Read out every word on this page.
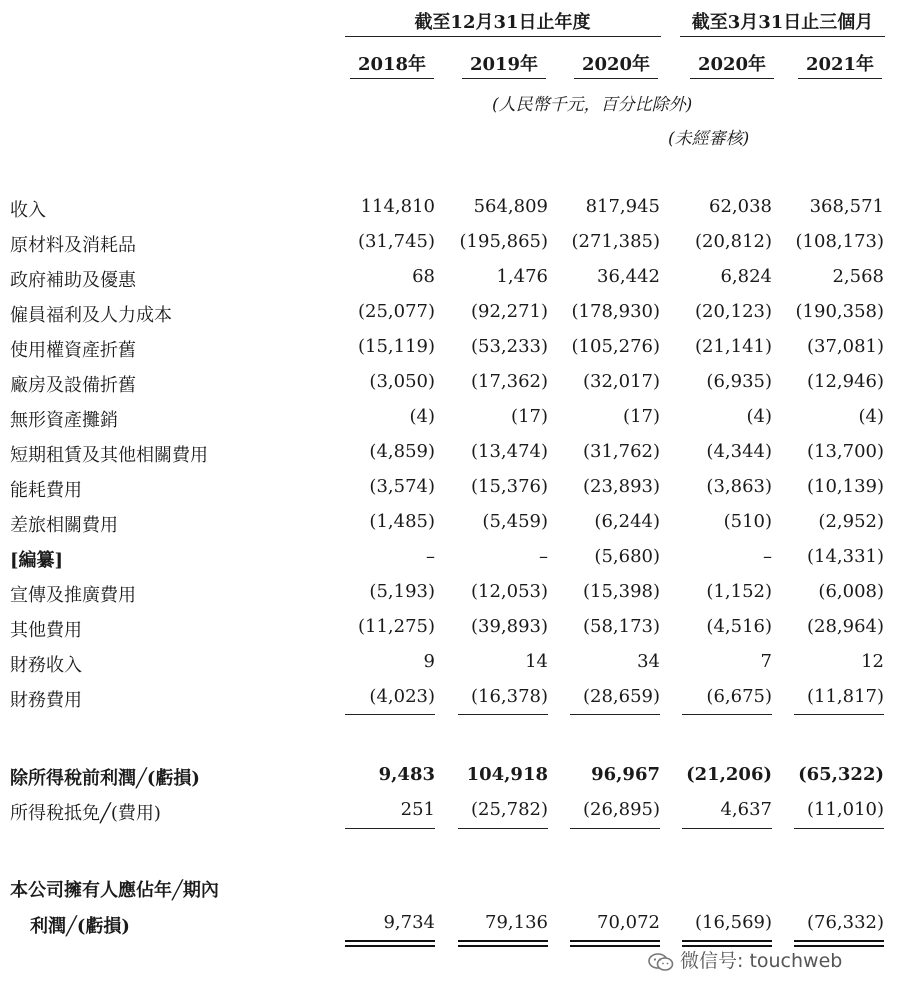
截至12月31日止年度	截至3月31日止三個月
2018年	2019年	2020年	2020年	2021年
(人民幣千元，百分比除外)
(未經審核)
收入	114,810	564,809	817,945	62,038	368,571
原材料及消耗品	(31,745)	(195,865)	(271,385)	(20,812)	(108,173)
政府補助及優惠	68	1,476	36,442	6,824	2,568
僱員福利及人力成本	(25,077)	(92,271)	(178,930)	(20,123)	(190,358)
使用權資產折舊	(15,119)	(53,233)	(105,276)	(21,141)	(37,081)
廠房及設備折舊	(3,050)	(17,362)	(32,017)	(6,935)	(12,946)
無形資產攤銷	(4)	(17)	(17)	(4)	(4)
短期租賃及其他相關費用	(4,859)	(13,474)	(31,762)	(4,344)	(13,700)
能耗費用	(3,574)	(15,376)	(23,893)	(3,863)	(10,139)
差旅相關費用	(1,485)	(5,459)	(6,244)	(510)	(2,952)
[編纂]	–	–	(5,680)	–	(14,331)
宣傳及推廣費用	(5,193)	(12,053)	(15,398)	(1,152)	(6,008)
其他費用	(11,275)	(39,893)	(58,173)	(4,516)	(28,964)
財務收入	9	14	34	7	12
財務費用	(4,023)	(16,378)	(28,659)	(6,675)	(11,817)
除所得稅前利潤╱(虧損)	9,483	104,918	96,967	(21,206)	(65,322)
所得稅抵免╱(費用)	251	(25,782)	(26,895)	4,637	(11,010)
本公司擁有人應佔年╱期內
利潤╱(虧損)	9,734	79,136	70,072	(16,569)	(76,332)
微信号: touchweb
